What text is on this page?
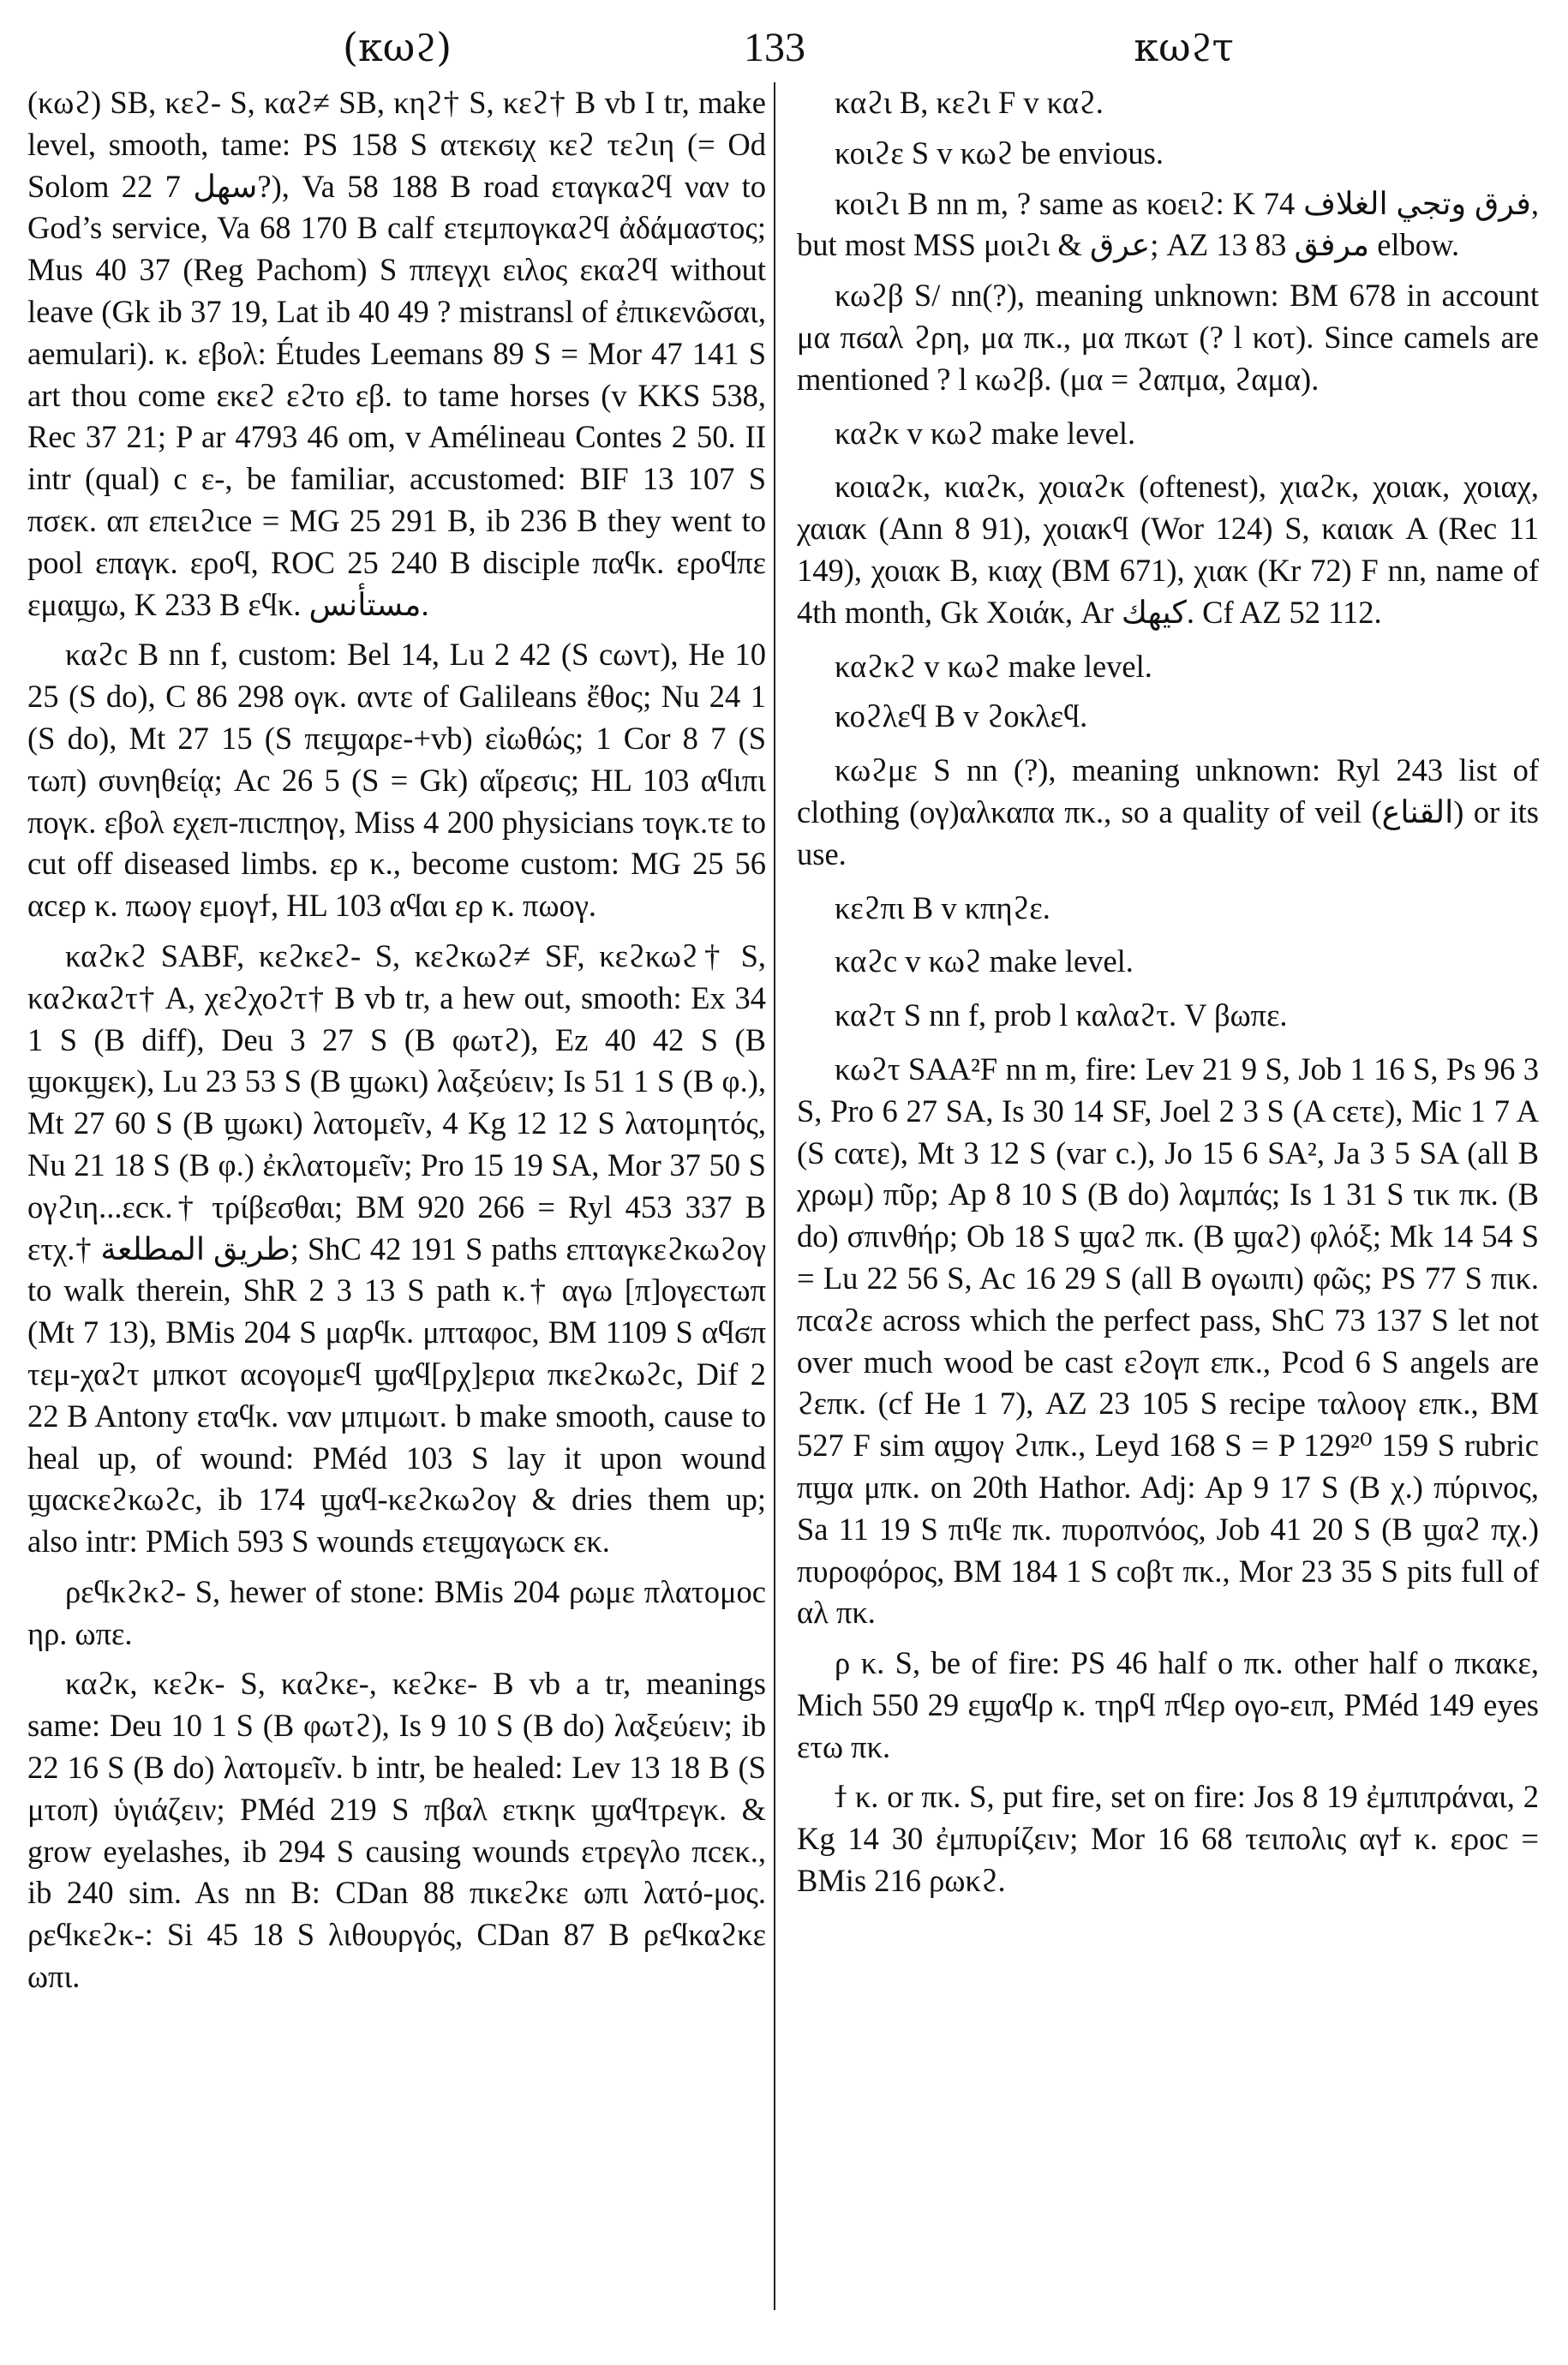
(κωϩ)	133	κωϩτ

(κωϩ) SB, κεϩ- S, καϩ≠ SB, κηϩ† S, κεϩ† B vb I tr, make level, smooth, tame: PS 158 S ατεκϭιχ κεϩ τεϩιη (= Od Solom 22 7 سهل?), Va 58 188 B road εταγκαϩϥ ναν to God’s service, Va 68 170 B calf ετεμπογκαϩϥ ἀδάμαστος; Mus 40 37 (Reg Pachom) S ππεγχι ειλος εκαϩϥ without leave (Gk ib 37 19, Lat ib 40 49 ? mistransl of ἐπικενῶσαι, aemulari). κ. εβολ: Études Leemans 89 S = Mor 47 141 S art thou come εκεϩ εϩτο εβ. to tame horses (v KKS 538, Rec 37 21; P ar 4793 46 om, v Amélineau Contes 2 50. II intr (qual) c ε-, be familiar, accustomed: BIF 13 107 S πσεκ. απ επειϩιce = MG 25 291 B, ib 236 B they went to pool επαγκ. εροϥ, ROC 25 240 B disciple παϥκ. εροϥπε εμαϣω, K 233 B εϥκ. مستأنس.

καϩc B nn f, custom: Bel 14, Lu 2 42 (S cωντ), He 10 25 (S do), C 86 298 ογκ. αντε of Galileans ἔθος; Nu 24 1 (S do), Mt 27 15 (S πεϣαρε-+vb) εἰωθώς; 1 Cor 8 7 (S τωπ) συνηθείᾳ; Ac 26 5 (S = Gk) αἵρεσις; HL 103 αϥιπι πογκ. εβολ εχεπ-πιcπηογ, Miss 4 200 physicians τογκ.τε to cut off diseased limbs. ερ κ., become custom: MG 25 56 αcερ κ. πωογ εμογϯ, HL 103 αϥαι ερ κ. πωογ.

καϩκϩ SABF, κεϩκεϩ- S, κεϩκωϩ≠ SF, κεϩκωϩ† S, καϩκαϩτ† A, χεϩχοϩτ† B vb tr, a hew out, smooth: Ex 34 1 S (B diff), Deu 3 27 S (B φωτϩ), Ez 40 42 S (B ϣοκϣεκ), Lu 23 53 S (B ϣωκι) λαξεύειν; Is 51 1 S (B φ.), Mt 27 60 S (B ϣωκι) λατομεῖν, 4 Kg 12 12 S λατομητός, Nu 21 18 S (B φ.) ἐκλατομεῖν; Pro 15 19 SA, Mor 37 50 S ογϩιη...εcκ.† τρίβεσθαι; BM 920 266 = Ryl 453 337 B ετχ.† طريق المطلعة; ShC 42 191 S paths επταγκεϩκωϩογ to walk therein, ShR 2 3 13 S path κ.† αγω [π]ογεcτωπ (Mt 7 13), BMis 204 S μαρϥκ. μπταφοc, BM 1109 S αϥϭπ τεμ-χαϩτ μπκοτ αcογομεϥ ϣαϥ[ρχ]ερια πκεϩκωϩc, Dif 2 22 B Antony εταϥκ. ναν μπιμωιτ. b make smooth, cause to heal up, of wound: PMéd 103 S lay it upon wound ϣαcκεϩκωϩc, ib 174 ϣαϥ-κεϩκωϩογ & dries them up; also intr: PMich 593 S wounds ετεϣαγωcκ εκ.

ρεϥκϩκϩ- S, hewer of stone: BMis 204 ρωμε πλατομοc ηρ. ωπε.

καϩκ, κεϩκ- S, καϩκε-, κεϩκε- B vb a tr, meanings same: Deu 10 1 S (B φωτϩ), Is 9 10 S (B do) λαξεύειν; ib 22 16 S (B do) λατομεῖν. b intr, be healed: Lev 13 18 B (S μτοπ) ὑγιάζειν; PMéd 219 S πβαλ ετκηκ ϣαϥτρεγκ. & grow eyelashes, ib 294 S causing wounds ετρεγλο πcεκ., ib 240 sim. As nn B: CDan 88 πικεϩκε ωπι λατό-μος. ρεϥκεϩκ-: Si 45 18 S λιθουργός, CDan 87 B ρεϥκαϩκε ωπι.

καϩι B, κεϩι F v καϩ.

κοιϩε S v κωϩ be envious.

κοιϩι B nn m, ? same as κοειϩ: K 74 فرق وتجي الغلاف, but most MSS μοιϩι & عرق; AZ 13 83 مرفق elbow.

κωϩβ S/ nn(?), meaning unknown: BM 678 in account μα πϭαλ ϩρη, μα πκ., μα πκωτ (? l κοτ). Since camels are mentioned ? l κωϩβ. (μα = ϩαπμα, ϩαμα).

καϩκ v κωϩ make level.

κοιαϩκ, κιαϩκ, χοιαϩκ (oftenest), χιαϩκ, χοιακ, χοιαχ, χαιακ (Ann 8 91), χοιακϥ (Wor 124) S, καιακ A (Rec 11 149), χοιακ B, κιαχ (BM 671), χιακ (Kr 72) F nn, name of 4th month, Gk Χοιάκ, Ar كيهك. Cf AZ 52 112.

καϩκϩ v κωϩ make level.

κοϩλεϥ B v ϩοκλεϥ.

κωϩμε S nn (?), meaning unknown: Ryl 243 list of clothing (ογ)αλκαπα πκ., so a quality of veil (القناع) or its use.

κεϩπι B v κπηϩε.

καϩc v κωϩ make level.

καϩτ S nn f, prob l καλαϩτ. V βωπε.

κωϩτ SAA²F nn m, fire: Lev 21 9 S, Job 1 16 S, Ps 96 3 S, Pro 6 27 SA, Is 30 14 SF, Joel 2 3 S (A cετε), Mic 1 7 A (S cατε), Mt 3 12 S (var c.), Jo 15 6 SA², Ja 3 5 SA (all B χρωμ) πῦρ; Ap 8 10 S (B do) λαμπάς; Is 1 31 S τικ πκ. (B do) σπινθήρ; Ob 18 S ϣαϩ πκ. (B ϣαϩ) φλόξ; Mk 14 54 S = Lu 22 56 S, Ac 16 29 S (all B ογωιπι) φῶς; PS 77 S πικ. πcαϩε across which the perfect pass, ShC 73 137 S let not over much wood be cast εϩογπ επκ., Pcod 6 S angels are ϩεπκ. (cf He 1 7), AZ 23 105 S recipe ταλοογ επκ., BM 527 F sim αϣογ ϩιπκ., Leyd 168 S = P 129²⁰ 159 S rubric πϣα μπκ. on 20th Hathor. Adj: Ap 9 17 S (B χ.) πύρινος, Sa 11 19 S πιϥε πκ. πυροπνόος, Job 41 20 S (B ϣαϩ πχ.) πυροφόρος, BM 184 1 S coβτ πκ., Mor 23 35 S pits full of αλ πκ.

ρ κ. S, be of fire: PS 46 half ο πκ. other half ο πκακε, Mich 550 29 εϣαϥρ κ. τηρϥ πϥερ ογο-ειπ, PMéd 149 eyes ετω πκ.

ϯ κ. or πκ. S, put fire, set on fire: Jos 8 19 ἐμπιπράναι, 2 Kg 14 30 ἐμπυρίζειν; Mor 16 68 τειπολις αγϯ κ. εροc = BMis 216 ρωκϩ.
